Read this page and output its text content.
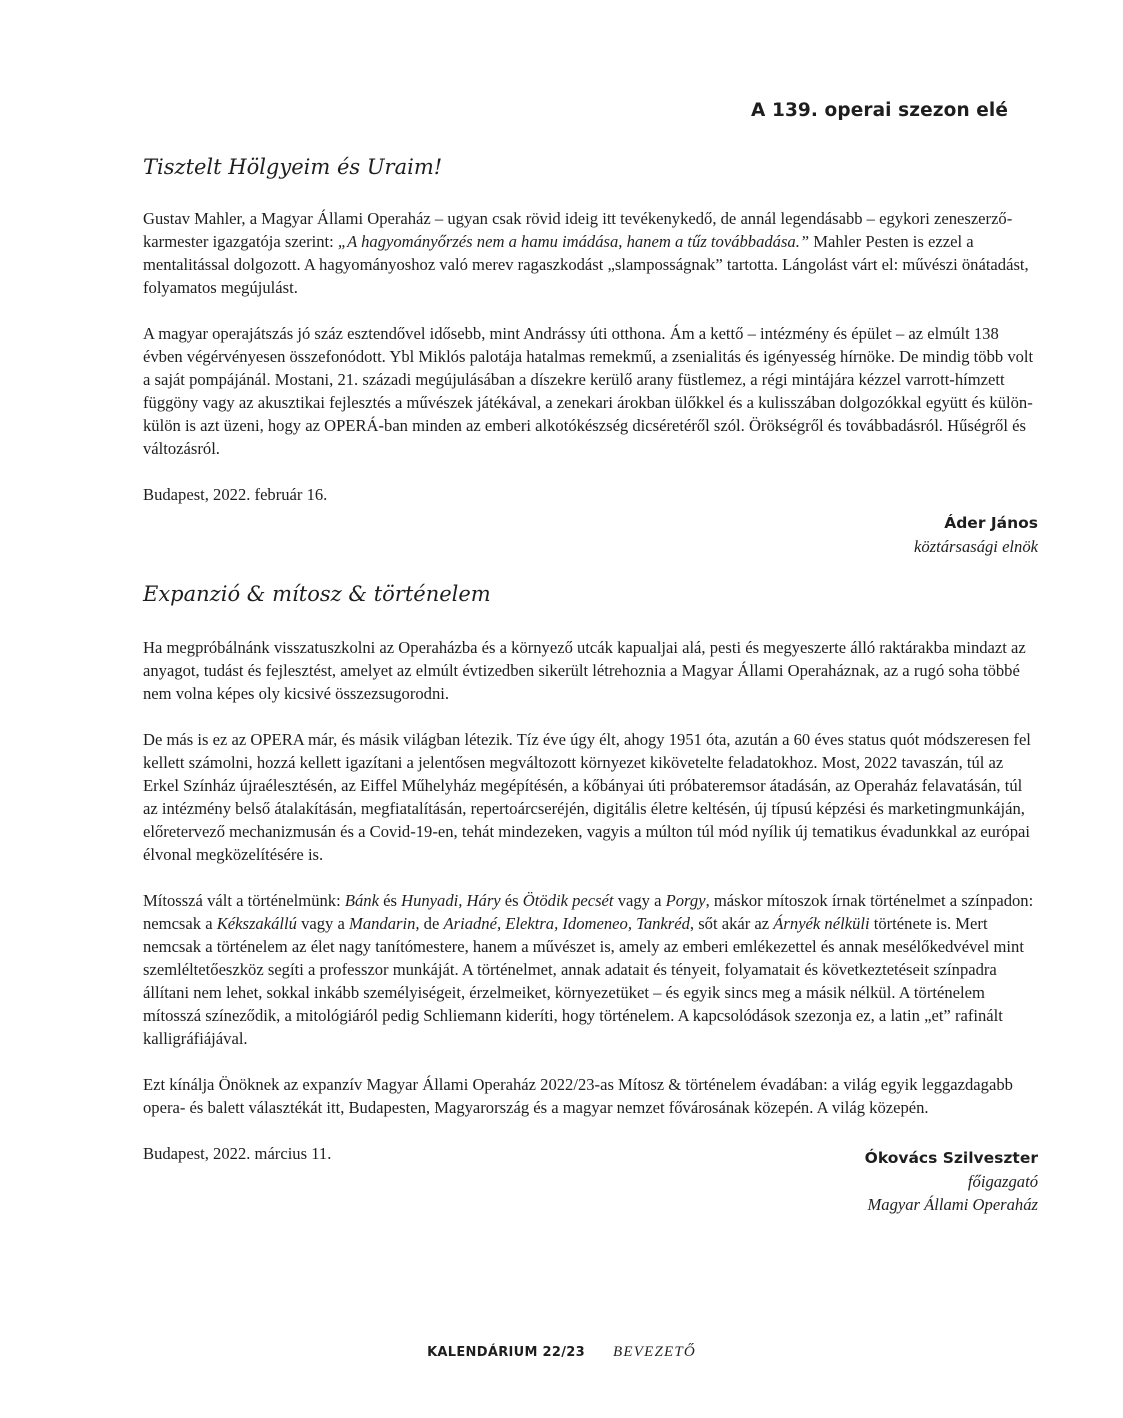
A 139. operai szezon elé
Tisztelt Hölgyeim és Uraim!

Gustav Mahler, a Magyar Állami Operaház – ugyan csak rövid ideig itt tevékenykedő, de annál legendásabb – egykori zeneszerző-karmester igazgatója szerint: „A hagyományőrzés nem a hamu imádása, hanem a tűz továbbadása.” Mahler Pesten is ezzel a mentalitással dolgozott. A hagyományoshoz való merev ragaszkodást „slamposságnak” tartotta. Lángolást várt el: művészi önátadást, folyamatos megújulást.

A magyar operajátszás jó száz esztendővel idősebb, mint Andrássy úti otthona. Ám a kettő – intézmény és épület – az elmúlt 138 évben végérvényesen összefonódott. Ybl Miklós palotája hatalmas remekmű, a zsenialitás és igényesség hírnöke. De mindig több volt a saját pompájánál. Mostani, 21. századi megújulásában a díszekre kerülő arany füstlemez, a régi mintájára kézzel varrott-hímzett függöny vagy az akusztikai fejlesztés a művészek játékával, a zenekari árokban ülőkkel és a kulisszában dolgozókkal együtt és külön-külön is azt üzeni, hogy az OPERÁ-ban minden az emberi alkotókészség dicséretéről szól. Örökségről és továbbadásról. Hűségről és változásról.

Budapest, 2022. február 16.

Áder János
köztársasági elnök
Expanzió & mítosz & történelem

Ha megpróbálnánk visszatuszkolni az Operaházba és a környező utcák kapualjai alá, pesti és megyeszerte álló raktárakba mindazt az anyagot, tudást és fejlesztést, amelyet az elmúlt évtizedben sikerült létrehoznia a Magyar Állami Operaháznak, az a rugó soha többé nem volna képes oly kicsivé összezsugorodni.

De más is ez az OPERA már, és másik világban létezik. Tíz éve úgy élt, ahogy 1951 óta, azután a 60 éves status quót módszeresen fel kellett számolni, hozzá kellett igazítani a jelentősen megváltozott környezet kikövetelte feladatokhoz. Most, 2022 tavaszán, túl az Erkel Színház újraélesztésén, az Eiffel Műhelyház megépítésén, a kőbányai úti próbateremsor átadásán, az Operaház felavatásán, túl az intézmény belső átalakításán, megfiatalításán, repertoárcseréjén, digitális életre keltésén, új típusú képzési és marketingmunkáján, előretervező mechanizmusán és a Covid-19-en, tehát mindezeken, vagyis a múlton túl mód nyílik új tematikus évadunkkal az európai élvonal megközelítésére is.

Mítosszá vált a történelmünk: Bánk és Hunyadi, Háry és Ötödik pecsét vagy a Porgy, máskor mítoszok írnak történelmet a színpadon: nemcsak a Kékszakállú vagy a Mandarin, de Ariadné, Elektra, Idomeneo, Tankréd, sőt akár az Árnyék nélküli története is. Mert nemcsak a történelem az élet nagy tanítómestere, hanem a művészet is, amely az emberi emlékezettel és annak mesélőkedvével mint szemléltetőeszköz segíti a professzor munkáját. A történelmet, annak adatait és tényeit, folyamatait és következtetéseit színpadra állítani nem lehet, sokkal inkább személyiségeit, érzelmeiket, környezetüket – és egyik sincs meg a másik nélkül. A történelem mítosszá színeződik, a mitológiáról pedig Schliemann kideríti, hogy történelem. A kapcsolódások szezonja ez, a latin „et” rafinált kalligráfiájával.

Ezt kínálja Önöknek az expanzív Magyar Állami Operaház 2022/23-as Mítosz & történelem évadában: a világ egyik leggazdagabb opera- és balett választékát itt, Budapesten, Magyarország és a magyar nemzet fővárosának közepén. A világ közepén.

Budapest, 2022. március 11.	Ókovács Szilveszter
főigazgató
Magyar Állami Operaház
KALENDÁRIUM 22/23 BEVEZETŐ
